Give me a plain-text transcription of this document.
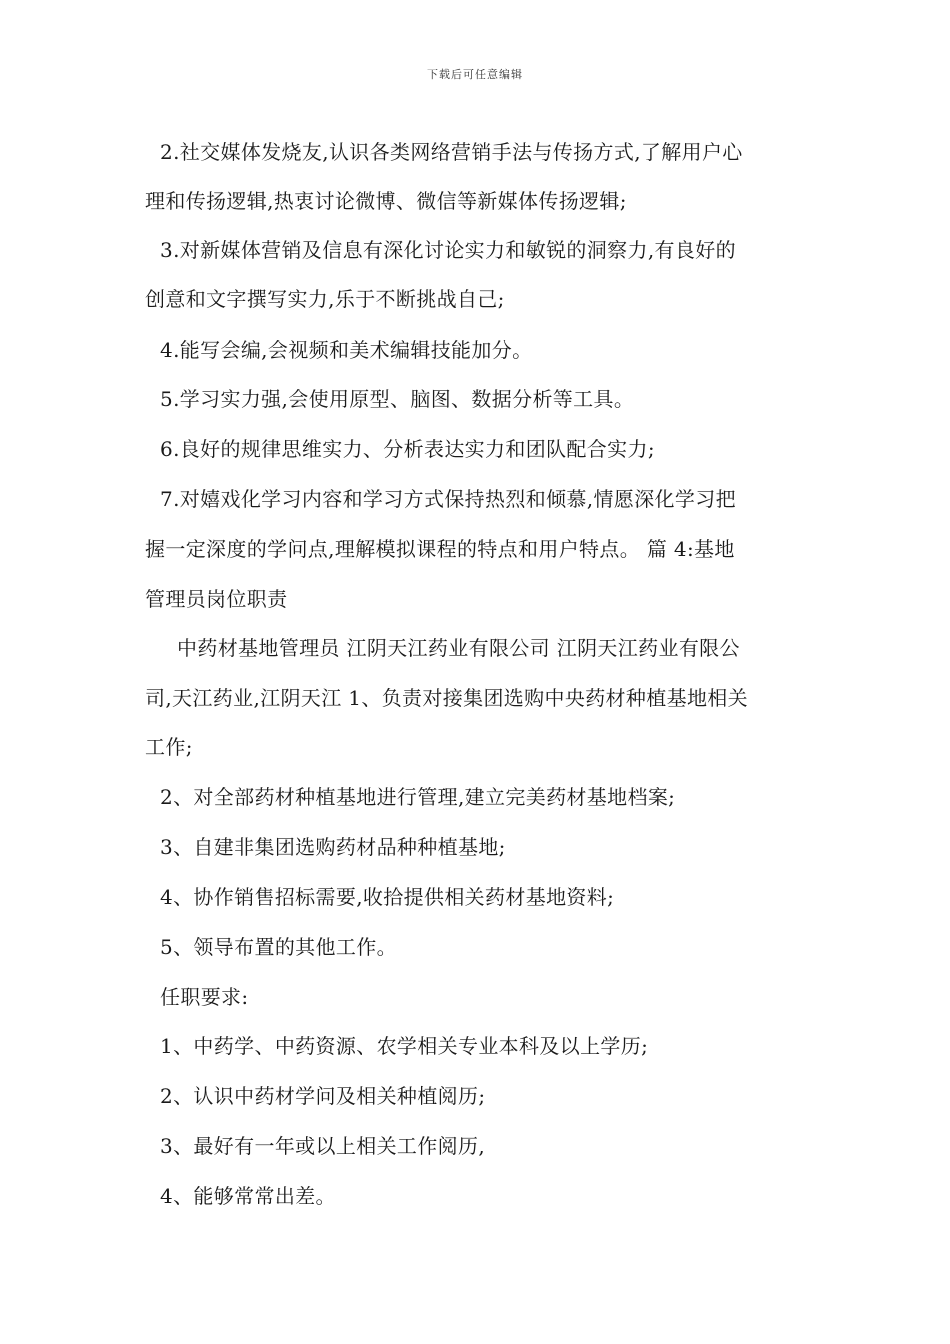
下载后可任意编辑
2.社交媒体发烧友,认识各类网络营销手法与传扬方式,了解用户心
理和传扬逻辑,热衷讨论微博、微信等新媒体传扬逻辑;
3.对新媒体营销及信息有深化讨论实力和敏锐的洞察力,有良好的
创意和文字撰写实力,乐于不断挑战自己;
4.能写会编,会视频和美术编辑技能加分。
5.学习实力强,会使用原型、脑图、数据分析等工具。
6.良好的规律思维实力、分析表达实力和团队配合实力;
7.对嬉戏化学习内容和学习方式保持热烈和倾慕,情愿深化学习把
握一定深度的学问点,理解模拟课程的特点和用户特点。 篇 4:基地
管理员岗位职责
中药材基地管理员 江阴天江药业有限公司 江阴天江药业有限公
司,天江药业,江阴天江 1、负责对接集团选购中央药材种植基地相关
工作;
2、对全部药材种植基地进行管理,建立完美药材基地档案;
3、自建非集团选购药材品种种植基地;
4、协作销售招标需要,收拾提供相关药材基地资料;
5、领导布置的其他工作。
任职要求:
1、中药学、中药资源、农学相关专业本科及以上学历;
2、认识中药材学问及相关种植阅历;
3、最好有一年或以上相关工作阅历,
4、能够常常出差。
